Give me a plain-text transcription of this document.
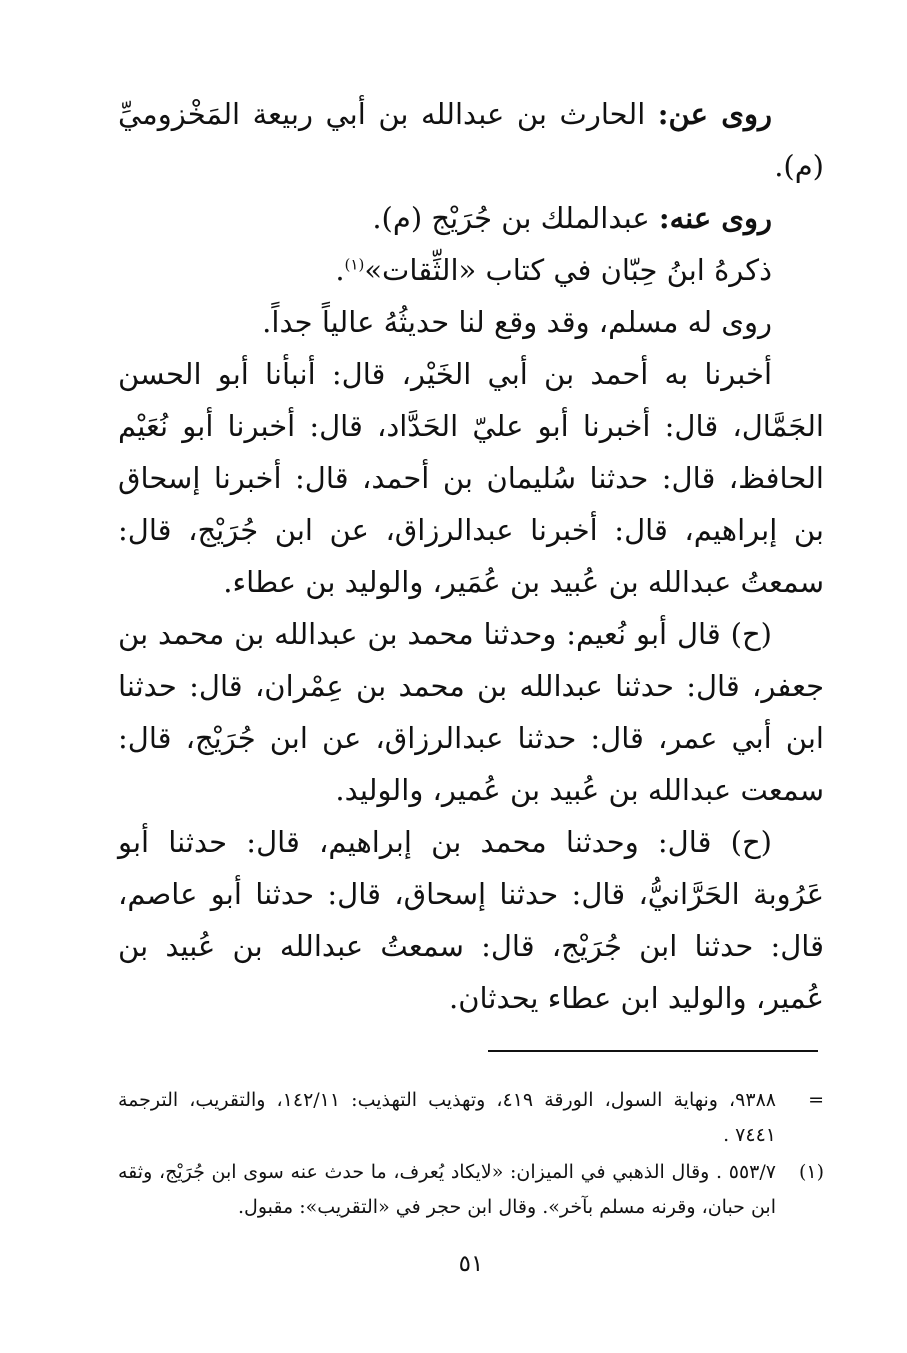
روى عن: الحارث بن عبدالله بن أبي ربيعة المَخْزوميِّ (م).

روى عنه: عبدالملك بن جُرَيْج (م).

ذكرهُ ابنُ حِبّان في كتاب «الثِّقات»$^{(١)}$.

روى له مسلم، وقد وقع لنا حديثُهُ عالياً جداً.

أخبرنا به أحمد بن أبي الخَيْر، قال: أنبأنا أبو الحسن الجَمَّال، قال: أخبرنا أبو عليّ الحَدَّاد، قال: أخبرنا أبو نُعَيْم الحافظ، قال: حدثنا سُليمان بن أحمد، قال: أخبرنا إسحاق بن إبراهيم، قال: أخبرنا عبدالرزاق، عن ابن جُرَيْج، قال: سمعتُ عبدالله بن عُبيد بن عُمَير، والوليد بن عطاء.

(ح) قال أبو نُعيم: وحدثنا محمد بن عبدالله بن محمد بن جعفر، قال: حدثنا عبدالله بن محمد بن عِمْران، قال: حدثنا ابن أبي عمر، قال: حدثنا عبدالرزاق، عن ابن جُرَيْج، قال: سمعت عبدالله بن عُبيد بن عُمير، والوليد.

(ح) قال: وحدثنا محمد بن إبراهيم، قال: حدثنا أبو عَرُوبة الحَرَّانيُّ، قال: حدثنا إسحاق، قال: حدثنا أبو عاصم، قال: حدثنا ابن جُرَيْج، قال: سمعتُ عبدالله بن عُبيد بن عُمير، والوليد ابن عطاء يحدثان.

=
٩٣٨٨، ونهاية السول، الورقة ٤١٩، وتهذيب التهذيب: ١٤٢/١١، والتقريب، الترجمة ٧٤٤١ .
(١)
٥٥٣/٧ . وقال الذهبي في الميزان: «لايكاد يُعرف، ما حدث عنه سوى ابن جُرَيْج، وثقه ابن حبان، وقرنه مسلم بآخر». وقال ابن حجر في «التقريب»: مقبول.
٥١
